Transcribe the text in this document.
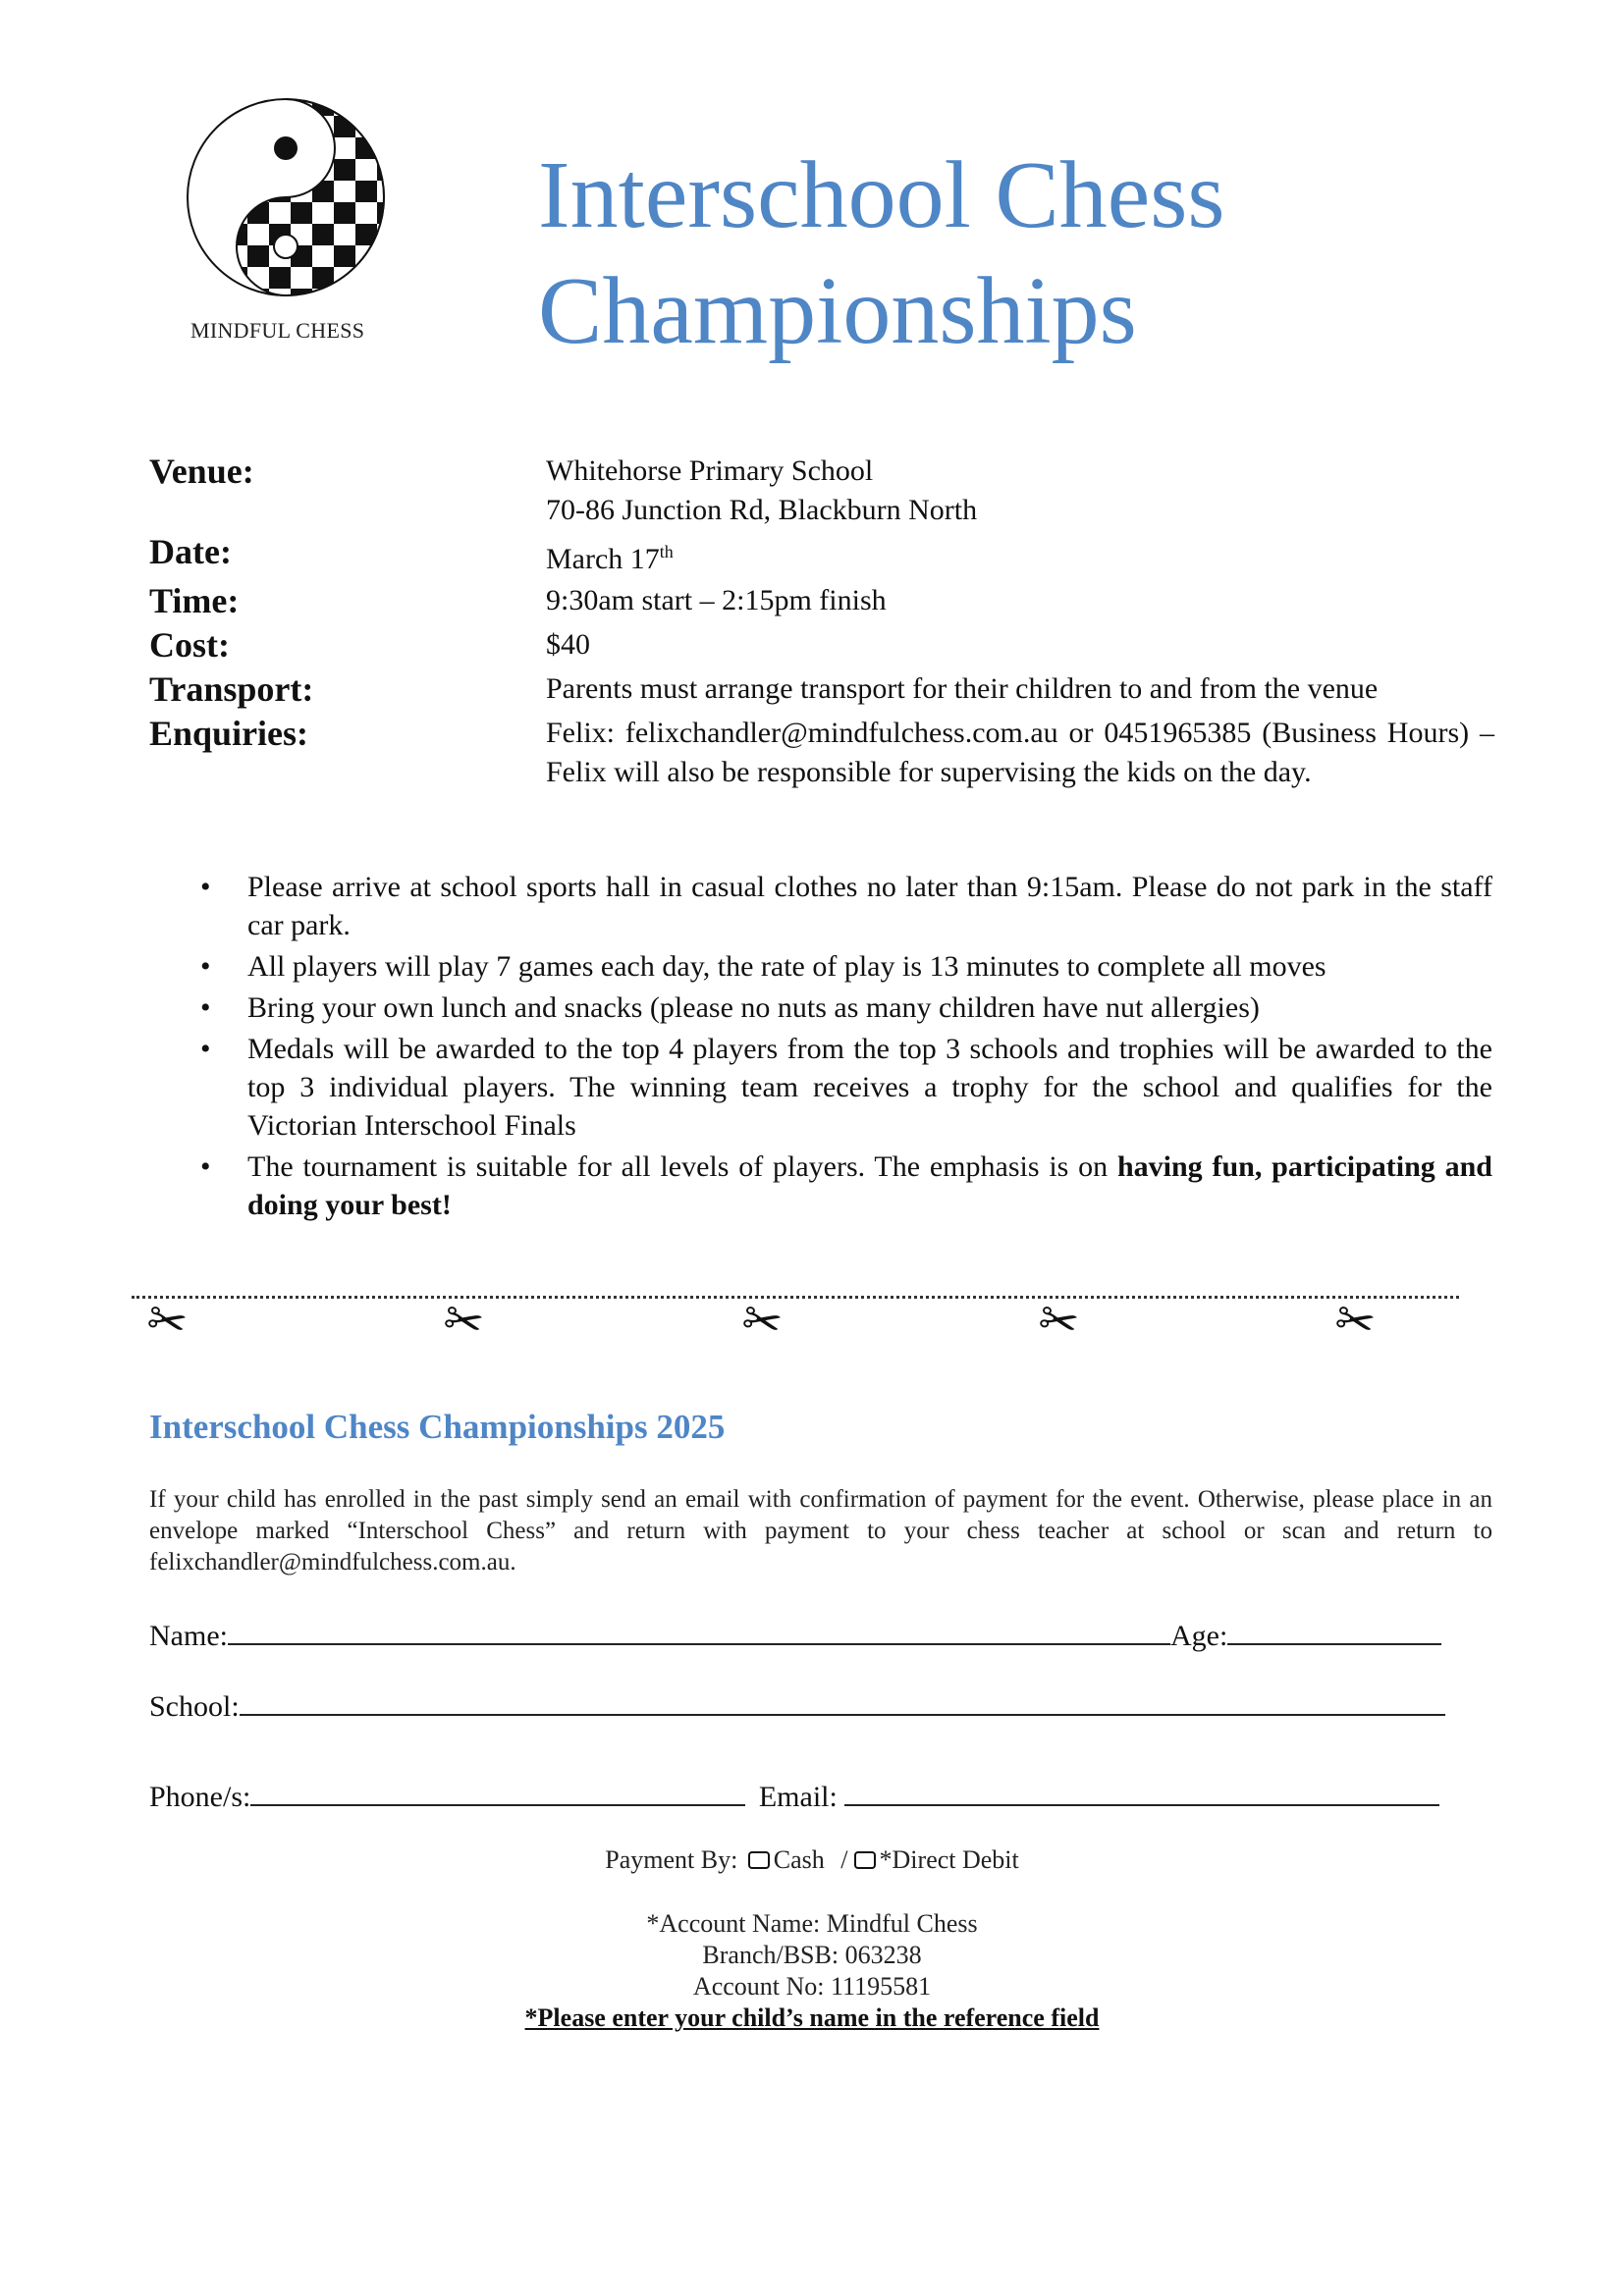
MINDFUL CHESS
Interschool Chess Championships
Venue:	Whitehorse Primary School
70-86 Junction Rd, Blackburn North
Date:	March 17th
Time:	9:30am start – 2:15pm finish
Cost:	$40
Transport:	Parents must arrange transport for their children to and from the venue
Enquiries:	Felix: felixchandler@mindfulchess.com.au or 0451965385 (Business Hours) – Felix will also be responsible for supervising the kids on the day.
• Please arrive at school sports hall in casual clothes no later than 9:15am. Please do not park in the staff car park.
• All players will play 7 games each day, the rate of play is 13 minutes to complete all moves
• Bring your own lunch and snacks (please no nuts as many children have nut allergies)
• Medals will be awarded to the top 4 players from the top 3 schools and trophies will be awarded to the top 3 individual players. The winning team receives a trophy for the school and qualifies for the Victorian Interschool Finals
• The tournament is suitable for all levels of players. The emphasis is on having fun, participating and doing your best!
✂	✂	✂	✂	✂
Interschool Chess Championships 2025
If your child has enrolled in the past simply send an email with confirmation of payment for the event. Otherwise, please place in an envelope marked “Interschool Chess” and return with payment to your chess teacher at school or scan and return to felixchandler@mindfulchess.com.au.
Name:	Age:
School:
Phone/s:	Email:
Payment By: Cash / *Direct Debit
*Account Name: Mindful Chess
Branch/BSB: 063238
Account No: 11195581
*Please enter your child’s name in the reference field
